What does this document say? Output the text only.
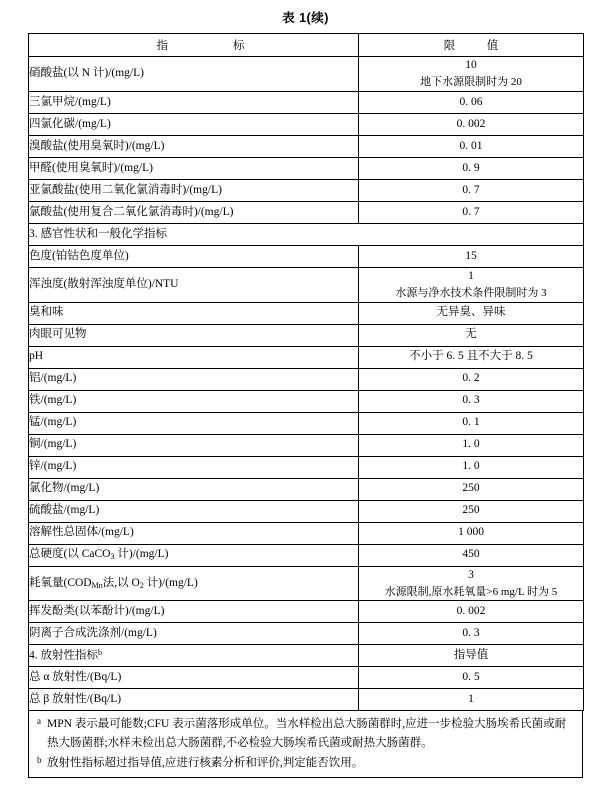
表 1(续)
指　　标	限　值
硝酸盐(以 N 计)/(mg/L)	10
地下水源限制时为 20

三氯甲烷/(mg/L)	0. 06
四氯化碳/(mg/L)	0. 002
溴酸盐(使用臭氧时)/(mg/L)	0. 01
甲醛(使用臭氧时)/(mg/L)	0. 9
亚氯酸盐(使用二氧化氯消毒时)/(mg/L)	0. 7
氯酸盐(使用复合二氧化氯消毒时)/(mg/L)	0. 7
3. 感官性状和一般化学指标	
色度(铂钴色度单位)	15
浑浊度(散射浑浊度单位)/NTU	1
水源与净水技术条件限制时为 3

臭和味	无异臭、异味
肉眼可见物	无
pH	不小于 6. 5 且不大于 8. 5
铝/(mg/L)	0. 2
铁/(mg/L)	0. 3
锰/(mg/L)	0. 1
铜/(mg/L)	1. 0
锌/(mg/L)	1. 0
氯化物/(mg/L)	250
硫酸盐/(mg/L)	250
溶解性总固体/(mg/L)	1 000
总硬度(以 CaCO$_3$ 计)/(mg/L)	450
耗氧量($COD_{Mn}$法,以 $O_2$ 计)/(mg/L)	3
水源限制,原水耗氧量>6 mg/L 时为 5

挥发酚类(以苯酚计)/(mg/L)	0. 002
阴离子合成洗涤剂/(mg/L)	0. 3
4. 放射性指标$^b$	指导值
总 α 放射性/(Bq/L)	0. 5
总 β 放射性/(Bq/L)	1
a MPN 表示最可能数;CFU 表示菌落形成单位。当水样检出总大肠菌群时,应进一步检验大肠埃希氏菌或耐热大肠菌群;水样未检出总大肠菌群,不必检验大肠埃希氏菌或耐热大肠菌群。
b 放射性指标超过指导值,应进行核素分析和评价,判定能否饮用。
